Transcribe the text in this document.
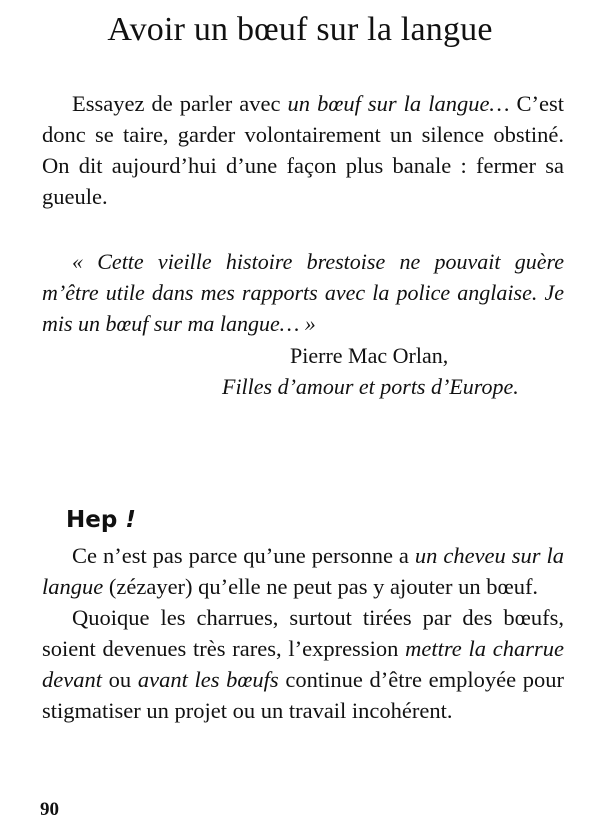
Avoir un bœuf sur la langue

Essayez de parler avec un bœuf sur la langue… C’est donc se taire, garder volontairement un silence obstiné. On dit aujourd’hui d’une façon plus banale : fermer sa gueule.

« Cette vieille histoire brestoise ne pouvait guère m’être utile dans mes rapports avec la police anglaise. Je mis un bœuf sur ma langue… »

Pierre Mac Orlan,
Filles d’amour et ports d’Europe.
Hep !

Ce n’est pas parce qu’une personne a un cheveu sur la langue (zézayer) qu’elle ne peut pas y ajouter un bœuf.

Quoique les charrues, surtout tirées par des bœufs, soient devenues très rares, l’expression mettre la charrue devant ou avant les bœufs continue d’être employée pour stigmatiser un projet ou un travail incohérent.

90
